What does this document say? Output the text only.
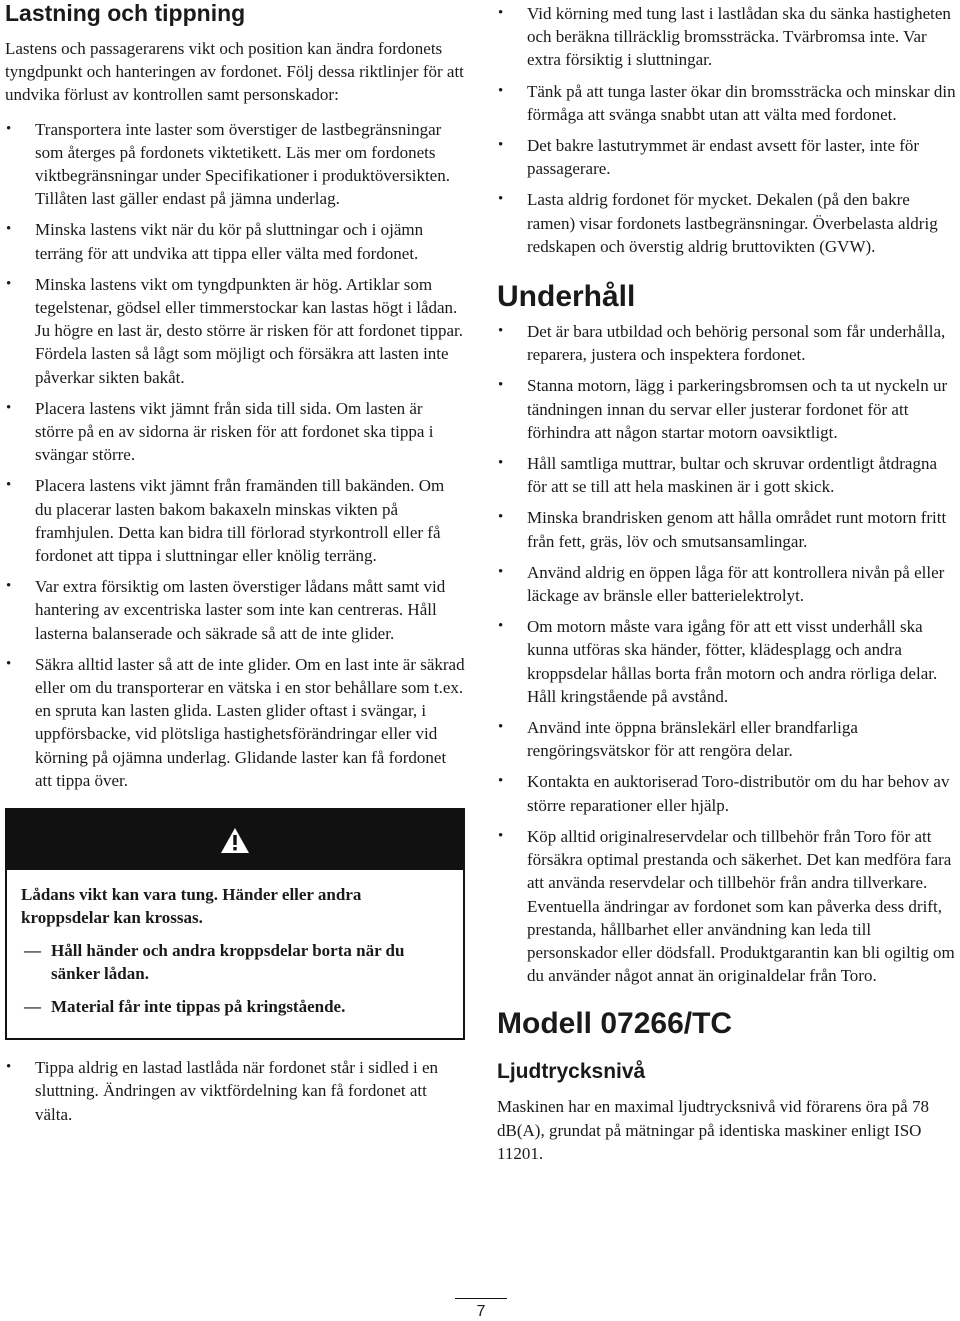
Lastning och tippning

Lastens och passagerarens vikt och position kan ändra fordonets tyngdpunkt och hanteringen av fordonet. Följ dessa riktlinjer för att undvika förlust av kontrollen samt personskador:

• Transportera inte laster som överstiger de lastbegränsningar som återges på fordonets viktetikett. Läs mer om fordonets viktbegränsningar under Specifikationer i produktöversikten. Tillåten last gäller endast på jämna underlag.
• Minska lastens vikt när du kör på sluttningar och i ojämn terräng för att undvika att tippa eller välta med fordonet.
• Minska lastens vikt om tyngdpunkten är hög. Artiklar som tegelstenar, gödsel eller timmerstockar kan lastas högt i lådan. Ju högre en last är, desto större är risken för att fordonet tippar. Fördela lasten så lågt som möjligt och försäkra att lasten inte påverkar sikten bakåt.
• Placera lastens vikt jämnt från sida till sida. Om lasten är större på en av sidorna är risken för att fordonet ska tippa i svängar större.
• Placera lastens vikt jämnt från framänden till bakänden. Om du placerar lasten bakom bakaxeln minskas vikten på framhjulen. Detta kan bidra till förlorad styrkontroll eller få fordonet att tippa i sluttningar eller knölig terräng.
• Var extra försiktig om lasten överstiger lådans mått samt vid hantering av excentriska laster som inte kan centreras. Håll lasterna balanserade och säkrade så att de inte glider.
• Säkra alltid laster så att de inte glider. Om en last inte är säkrad eller om du transporterar en vätska i en stor behållare som t.ex. en spruta kan lasten glida. Lasten glider oftast i svängar, i uppförsbacke, vid plötsliga hastighetsförändringar eller vid körning på ojämna underlag. Glidande laster kan få fordonet att tippa över.

Lådans vikt kan vara tung. Händer eller andra kroppsdelar kan krossas.

— Håll händer och andra kroppsdelar borta när du sänker lådan.
— Material får inte tippas på kringstående.
• Tippa aldrig en lastad lastlåda när fordonet står i sidled i en sluttning. Ändringen av viktfördelning kan få fordonet att välta.
• Vid körning med tung last i lastlådan ska du sänka hastigheten och beräkna tillräcklig bromssträcka. Tvärbromsa inte. Var extra försiktig i sluttningar.
• Tänk på att tunga laster ökar din bromssträcka och minskar din förmåga att svänga snabbt utan att välta med fordonet.
• Det bakre lastutrymmet är endast avsett för laster, inte för passagerare.
• Lasta aldrig fordonet för mycket. Dekalen (på den bakre ramen) visar fordonets lastbegränsningar. Överbelasta aldrig redskapen och överstig aldrig bruttovikten (GVW).
Underhåll
• Det är bara utbildad och behörig personal som får underhålla, reparera, justera och inspektera fordonet.
• Stanna motorn, lägg i parkeringsbromsen och ta ut nyckeln ur tändningen innan du servar eller justerar fordonet för att förhindra att någon startar motorn oavsiktligt.
• Håll samtliga muttrar, bultar och skruvar ordentligt åtdragna för att se till att hela maskinen är i gott skick.
• Minska brandrisken genom att hålla området runt motorn fritt från fett, gräs, löv och smutsansamlingar.
• Använd aldrig en öppen låga för att kontrollera nivån på eller läckage av bränsle eller batterielektrolyt.
• Om motorn måste vara igång för att ett visst underhåll ska kunna utföras ska händer, fötter, klädesplagg och andra kroppsdelar hållas borta från motorn och andra rörliga delar. Håll kringstående på avstånd.
• Använd inte öppna bränslekärl eller brandfarliga rengöringsvätskor för att rengöra delar.
• Kontakta en auktoriserad Toro-distributör om du har behov av större reparationer eller hjälp.
• Köp alltid originalreservdelar och tillbehör från Toro för att försäkra optimal prestanda och säkerhet. Det kan medföra fara att använda reservdelar och tillbehör från andra tillverkare. Eventuella ändringar av fordonet som kan påverka dess drift, prestanda, hållbarhet eller användning kan leda till personskador eller dödsfall. Produktgarantin kan bli ogiltig om du använder något annat än originaldelar från Toro.
Modell 07266/TC
Ljudtrycksnivå

Maskinen har en maximal ljudtrycksnivå vid förarens öra på 78 dB(A), grundat på mätningar på identiska maskiner enligt ISO 11201.

7
